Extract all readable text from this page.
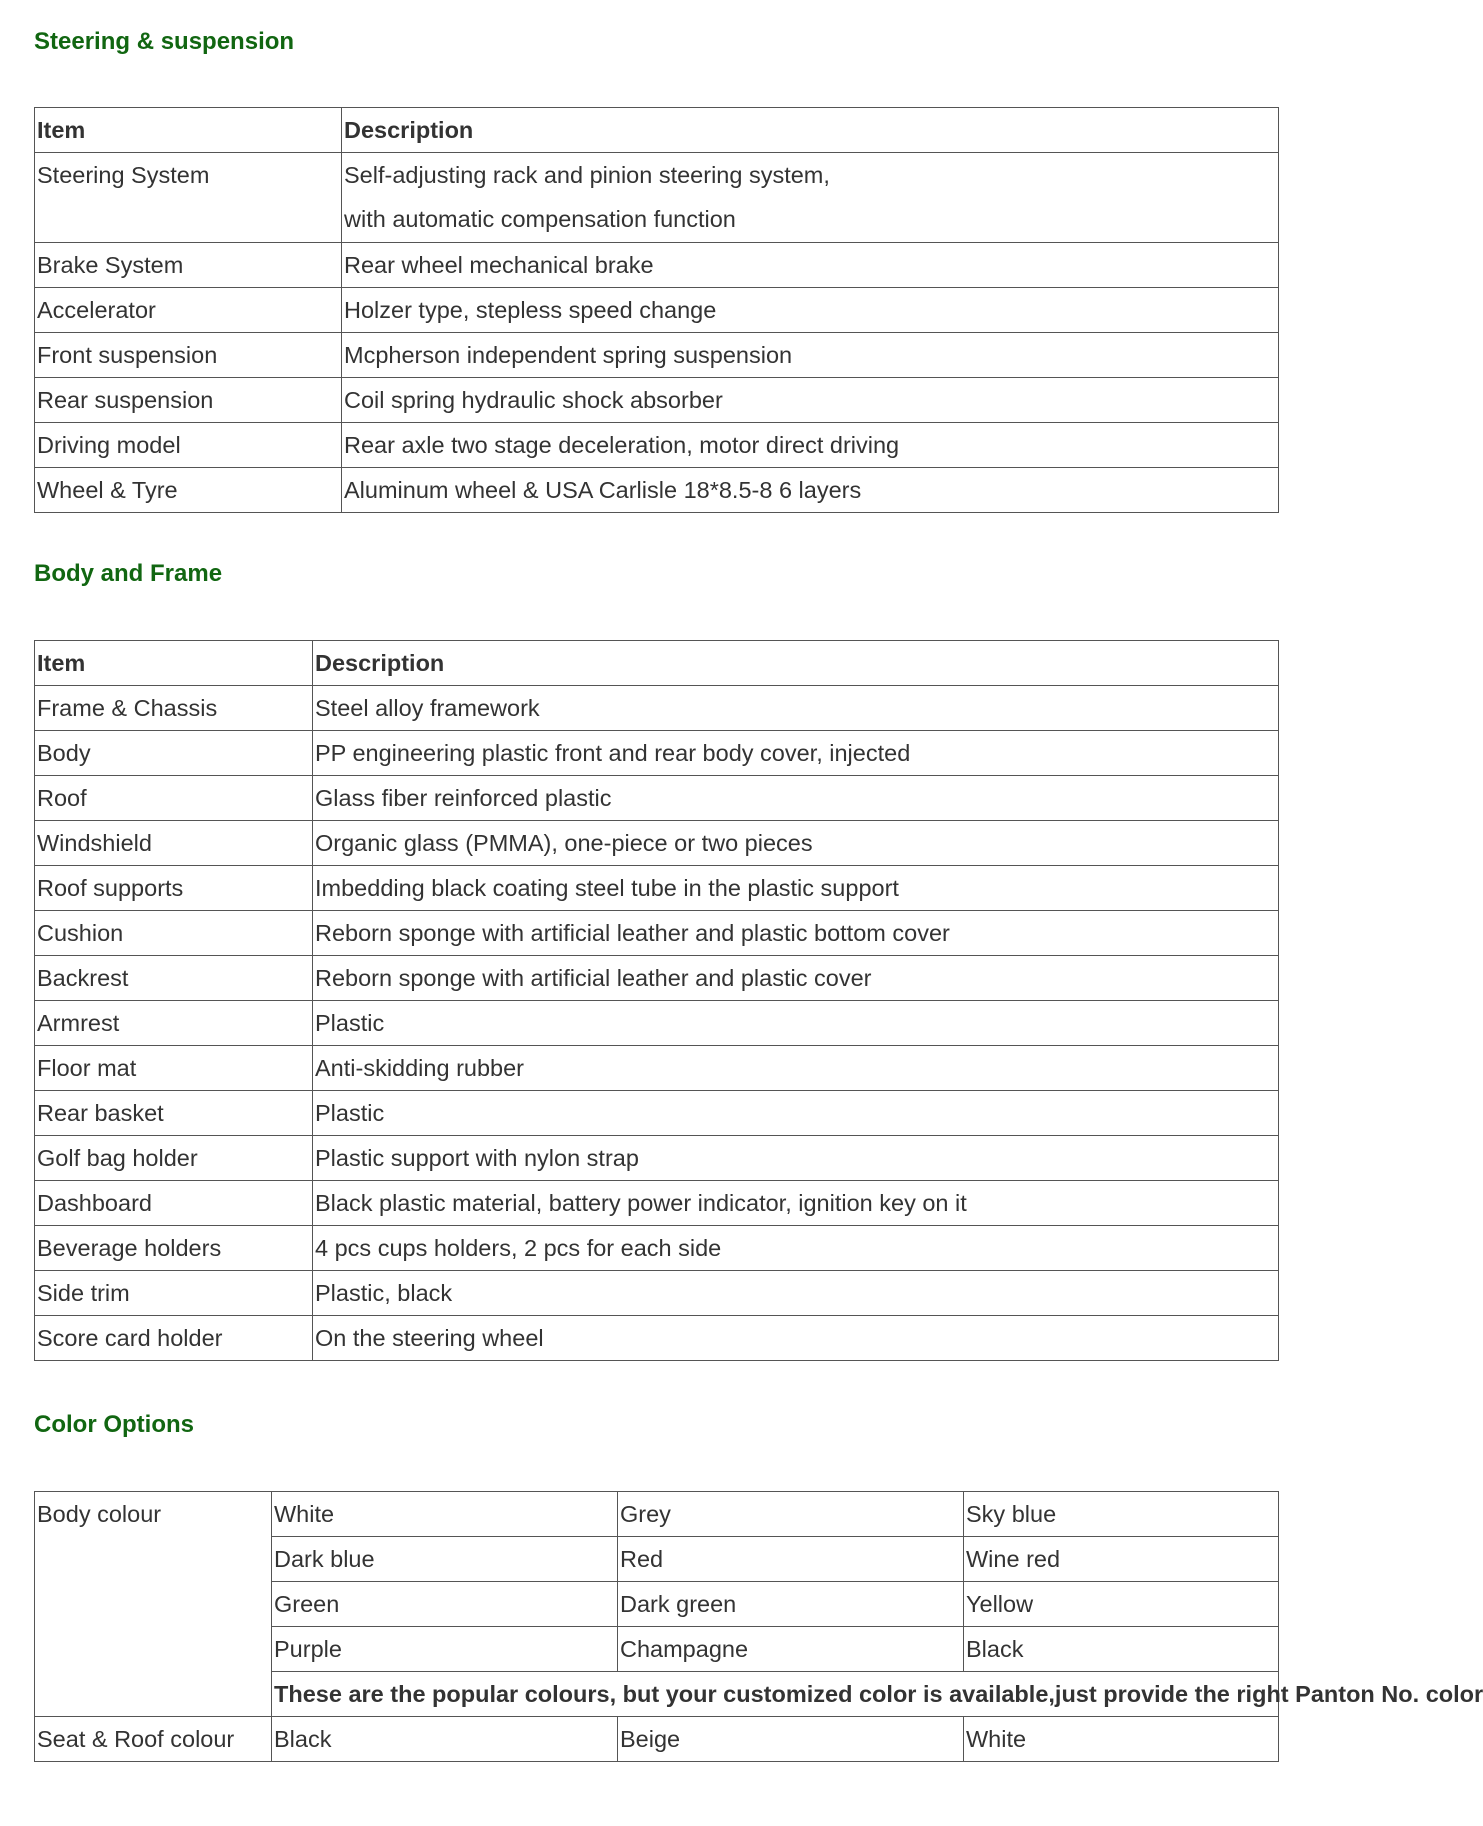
Steering & suspension
Item	Description
Steering System	Self-adjusting rack and pinion steering system,
with automatic compensation function

Brake System	Rear wheel mechanical brake
Accelerator	Holzer type, stepless speed change
Front suspension	Mcpherson independent spring suspension
Rear suspension	Coil spring hydraulic shock absorber
Driving model	Rear axle two stage deceleration, motor direct driving
Wheel & Tyre	Aluminum wheel & USA Carlisle 18*8.5-8 6 layers
Body and Frame
Item	Description
Frame & Chassis	Steel alloy framework
Body	PP engineering plastic front and rear body cover, injected
Roof	Glass fiber reinforced plastic
Windshield	Organic glass (PMMA), one-piece or two pieces
Roof supports	Imbedding black coating steel tube in the plastic support
Cushion	Reborn sponge with artificial leather and plastic bottom cover
Backrest	Reborn sponge with artificial leather and plastic cover
Armrest	Plastic
Floor mat	Anti-skidding rubber
Rear basket	Plastic
Golf bag holder	Plastic support with nylon strap
Dashboard	Black plastic material, battery power indicator, ignition key on it
Beverage holders	4 pcs cups holders, 2 pcs for each side
Side trim	Plastic, black
Score card holder	On the steering wheel
Color Options
Body colour	White	Grey	Sky blue
	Dark blue	Red	Wine red
	Green	Dark green	Yellow
	Purple	Champagne	Black
	These are the popular colours, but your customized color is available,just provide the right Panton No. color		
Seat & Roof colour	Black	Beige	White
